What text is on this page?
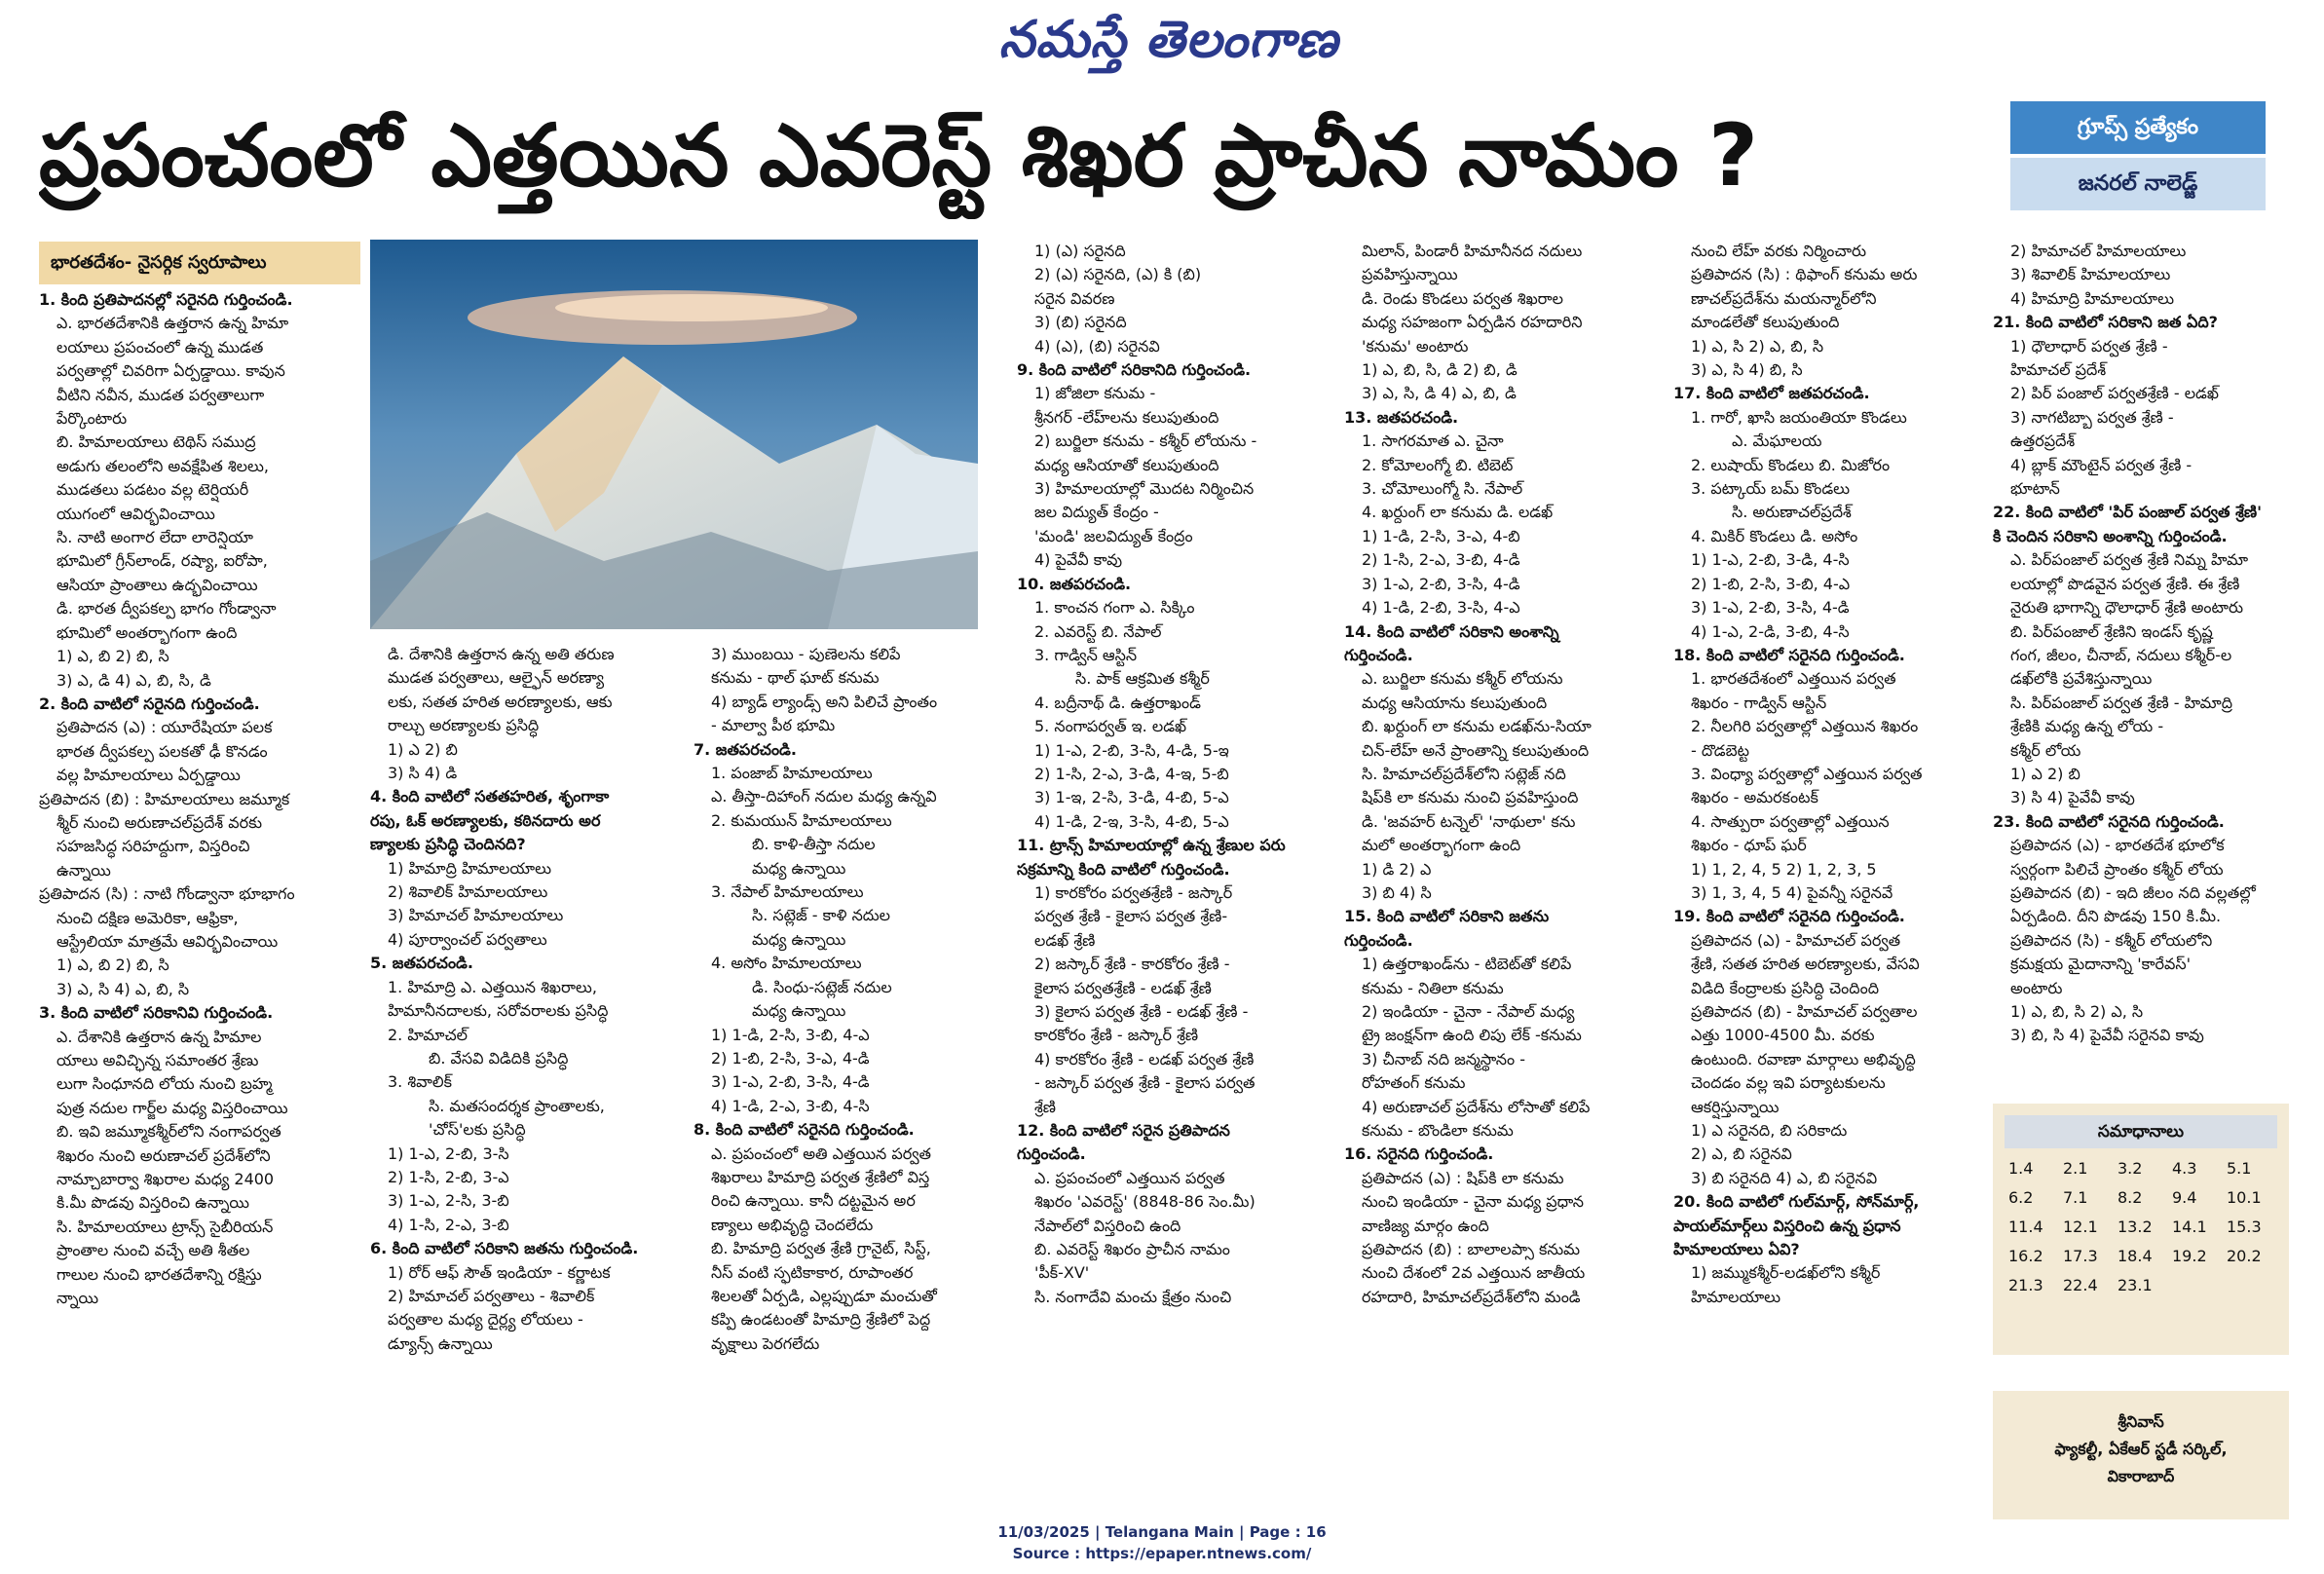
నమస్తే తెలంగాణ
ప్రపంచంలో ఎత్తయిన ఎవరెస్ట్ శిఖర ప్రాచీన నామం ?	గ్రూప్స్ ప్రత్యేకం
జనరల్ నాలెడ్జ్
భారతదేశం- నైసర్గిక స్వరూపాలు
1. కింది ప్రతిపాదనల్లో సరైనది గుర్తించండి.
ఎ. భారతదేశానికి ఉత్తరాన ఉన్న హిమా
లయాలు ప్రపంచంలో ఉన్న ముడత
పర్వతాల్లో చివరిగా ఏర్పడ్డాయి. కావున
వీటిని నవీన, ముడత పర్వతాలుగా
పేర్కొంటారు
బి. హిమాలయాలు టెథిస్ సముద్ర
అడుగు తలంలోని అవక్షేపిత శిలలు,
ముడతలు పడటం వల్ల టెర్షియరీ
యుగంలో ఆవిర్భవించాయి
సి. నాటి అంగార లేదా లారెన్షియా
భూమిలో గ్రీన్‌లాండ్, రష్యా, ఐరోపా,
ఆసియా ప్రాంతాలు ఉద్భవించాయి
డి. భారత ద్వీపకల్ప భాగం గోండ్వానా
భూమిలో అంతర్భాగంగా ఉంది
1) ఎ, బి 2) బి, సి
3) ఎ, డి 4) ఎ, బి, సి, డి
2. కింది వాటిలో సరైనది గుర్తించండి.
ప్రతిపాదన (ఎ) : యూరేషియా పలక
భారత ద్వీపకల్ప పలకతో ఢీ కొనడం
వల్ల హిమాలయాలు ఏర్పడ్డాయి
ప్రతిపాదన (బి) : హిమాలయాలు జమ్మూక
శ్మీర్ నుంచి అరుణాచల్‌ప్రదేశ్ వరకు
సహజసిద్ధ సరిహద్దుగా, విస్తరించి
ఉన్నాయి
ప్రతిపాదన (సి) : నాటి గోండ్వానా భూభాగం
నుంచి దక్షిణ అమెరికా, ఆఫ్రికా,
ఆస్ట్రేలియా మాత్రమే ఆవిర్భవించాయి
1) ఎ, బి 2) బి, సి
3) ఎ, సి 4) ఎ, బి, సి
3. కింది వాటిలో సరికానివి గుర్తించండి.
ఎ. దేశానికి ఉత్తరాన ఉన్న హిమాల
యాలు అవిచ్ఛిన్న సమాంతర శ్రేణు
లుగా సింధూనది లోయ నుంచి బ్రహ్మ
పుత్ర నదుల గార్జ్‌ల మధ్య విస్తరించాయి
బి. ఇవి జమ్మూకశ్మీర్‌లోని నంగాపర్వత
శిఖరం నుంచి అరుణాచల్ ప్రదేశ్‌లోని
నామ్చాబార్వా శిఖరాల మధ్య 2400
కి.మీ పొడవు విస్తరించి ఉన్నాయి
సి. హిమాలయాలు ట్రాన్స్ సైబీరియన్
ప్రాంతాల నుంచి వచ్చే అతి శీతల
గాలుల నుంచి భారతదేశాన్ని రక్షిస్తు
న్నాయి
డి. దేశానికి ఉత్తరాన ఉన్న అతి తరుణ
ముడత పర్వతాలు, ఆల్ఫైన్ అరణ్యా
లకు, సతత హరిత అరణ్యాలకు, ఆకు
రాల్చు అరణ్యాలకు ప్రసిద్ధి
1) ఎ 2) బి
3) సి 4) డి
4. కింది వాటిలో సతతహరిత, శృంగాకా
రపు, ఓక్ అరణ్యాలకు, కఠినదారు అర
ణ్యాలకు ప్రసిద్ధి చెందినది?
1) హిమాద్రి హిమాలయాలు
2) శివాలిక్ హిమాలయాలు
3) హిమాచల్ హిమాలయాలు
4) పూర్వాంచల్ పర్వతాలు
5. జతపరచండి.
1. హిమాద్రి ఎ. ఎత్తయిన శిఖరాలు,
హిమానీనదాలకు, సరోవరాలకు ప్రసిద్ధి
2. హిమాచల్
బి. వేసవి విడిదికి ప్రసిద్ధి
3. శివాలిక్
సి. మతసందర్శక ప్రాంతాలకు,
'చోస్'లకు ప్రసిద్ధి
1) 1-ఎ, 2-బి, 3-సి
2) 1-సి, 2-బి, 3-ఎ
3) 1-ఎ, 2-సి, 3-బి
4) 1-సి, 2-ఎ, 3-బి
6. కింది వాటిలో సరికాని జతను గుర్తించండి.
1) రోర్ ఆఫ్ సౌత్ ఇండియా - కర్ణాటక
2) హిమాచల్ పర్వతాలు - శివాలిక్
పర్వతాల మధ్య దైర్ల్య లోయలు -
డ్యూన్స్ ఉన్నాయి
3) ముంబయి - పుణెలను కలిపే
కనుమ - థాల్ ఘాట్ కనుమ
4) బ్యాడ్ ల్యాండ్స్ అని పిలిచే ప్రాంతం
- మాల్వా పీఠ భూమి
7. జతపరచండి.
1. పంజాబ్ హిమాలయాలు
ఎ. తీస్తా-దిహాంగ్ నదుల మధ్య ఉన్నవి
2. కుమయున్ హిమాలయాలు
బి. కాళి-తీస్తా నదుల
మధ్య ఉన్నాయి
3. నేపాల్ హిమాలయాలు
సి. సట్లెజ్ - కాళి నదుల
మధ్య ఉన్నాయి
4. అసోం హిమాలయాలు
డి. సింధు-సట్లెజ్ నదుల
మధ్య ఉన్నాయి
1) 1-డి, 2-సి, 3-బి, 4-ఎ
2) 1-బి, 2-సి, 3-ఎ, 4-డి
3) 1-ఎ, 2-బి, 3-సి, 4-డి
4) 1-డి, 2-ఎ, 3-బి, 4-సి
8. కింది వాటిలో సరైనది గుర్తించండి.
ఎ. ప్రపంచంలో అతి ఎత్తయిన పర్వత
శిఖరాలు హిమాద్రి పర్వత శ్రేణిలో విస్త
రించి ఉన్నాయి. కానీ దట్టమైన అర
ణ్యాలు అభివృద్ధి చెందలేదు
బి. హిమాద్రి పర్వత శ్రేణి గ్రానైట్, సిస్ట్,
నీస్ వంటి స్ఫటికాకార, రూపాంతర
శిలలతో ఏర్పడి, ఎల్లప్పుడూ మంచుతో
కప్పి ఉండటంతో హిమాద్రి శ్రేణిలో పెద్ద
వృక్షాలు పెరగలేదు
1) (ఎ) సరైనది
2) (ఎ) సరైనది, (ఎ) కి (బి)
సరైన వివరణ
3) (బి) సరైనది
4) (ఎ), (బి) సరైనవి
9. కింది వాటిలో సరికానిది గుర్తించండి.
1) జోజిలా కనుమ -
శ్రీనగర్ -లేహ్‌లను కలుపుతుంది
2) బుర్జిలా కనుమ - కశ్మీర్ లోయను -
మధ్య ఆసియాతో కలుపుతుంది
3) హిమాలయాల్లో మొదట నిర్మించిన
జల విద్యుత్ కేంద్రం -
'మండి' జలవిద్యుత్ కేంద్రం
4) పైవేవీ కావు
10. జతపరచండి.
1. కాంచన గంగా ఎ. సిక్కిం
2. ఎవరెస్ట్ బి. నేపాల్
3. గాడ్విన్ ఆస్టిన్
సి. పాక్ ఆక్రమిత కశ్మీర్
4. బద్రీనాథ్ డి. ఉత్తరాఖండ్
5. నంగాపర్వత్ ఇ. లడఖ్
1) 1-ఎ, 2-బి, 3-సి, 4-డి, 5-ఇ
2) 1-సి, 2-ఎ, 3-డి, 4-ఇ, 5-బి
3) 1-ఇ, 2-సి, 3-డి, 4-బి, 5-ఎ
4) 1-డి, 2-ఇ, 3-సి, 4-బి, 5-ఎ
11. ట్రాన్స్ హిమాలయాల్లో ఉన్న శ్రేణుల పరు
సక్రమాన్ని కింది వాటిలో గుర్తించండి.
1) కారకోరం పర్వతశ్రేణి - జస్కార్
పర్వత శ్రేణి - కైలాస పర్వత శ్రేణి-
లడఖ్ శ్రేణి
2) జస్కార్ శ్రేణి - కారకోరం శ్రేణి -
కైలాస పర్వతశ్రేణి - లడఖ్ శ్రేణి
3) కైలాస పర్వత శ్రేణి - లడఖ్ శ్రేణి -
కారకోరం శ్రేణి - జస్కార్ శ్రేణి
4) కారకోరం శ్రేణి - లడఖ్ పర్వత శ్రేణి
- జస్కార్ పర్వత శ్రేణి - కైలాస పర్వత
శ్రేణి
12. కింది వాటిలో సరైన ప్రతిపాదన
గుర్తించండి.
ఎ. ప్రపంచంలో ఎత్తయిన పర్వత
శిఖరం 'ఎవరెస్ట్' (8848-86 సెం.మీ)
నేపాల్‌లో విస్తరించి ఉంది
బి. ఎవరెస్ట్ శిఖరం ప్రాచీన నామం
'పీక్-XV'
సి. నంగాదేవి మంచు క్షేత్రం నుంచి
మిలాన్, పిండారీ హిమానీనద నదులు
ప్రవహిస్తున్నాయి
డి. రెండు కొండలు పర్వత శిఖరాల
మధ్య సహజంగా ఏర్పడిన రహదారిని
'కనుమ' అంటారు
1) ఎ, బి, సి, డి 2) బి, డి
3) ఎ, సి, డి 4) ఎ, బి, డి
13. జతపరచండి.
1. సాగరమాత ఎ. చైనా
2. కోమోలంగ్మో బి. టిబెట్
3. చోమోలుంగ్మో సి. నేపాల్
4. ఖర్దుంగ్ లా కనుమ డి. లడఖ్
1) 1-డి, 2-సి, 3-ఎ, 4-బి
2) 1-సి, 2-ఎ, 3-బి, 4-డి
3) 1-ఎ, 2-బి, 3-సి, 4-డి
4) 1-డి, 2-బి, 3-సి, 4-ఎ
14. కింది వాటిలో సరికాని అంశాన్ని
గుర్తించండి.
ఎ. బుర్జిలా కనుమ కశ్మీర్ లోయను
మధ్య ఆసియాను కలుపుతుంది
బి. ఖర్దుంగ్ లా కనుమ లడఖ్‌ను-సియా
చిన్-లేహ్ అనే ప్రాంతాన్ని కలుపుతుంది
సి. హిమాచల్‌ప్రదేశ్‌లోని సట్లెజ్ నది
షిప్‌కి లా కనుమ నుంచి ప్రవహిస్తుంది
డి. 'జవహర్ టన్నెల్' 'నాథులా' కను
మలో అంతర్భాగంగా ఉంది
1) డి 2) ఎ
3) బి 4) సి
15. కింది వాటిలో సరికాని జతను
గుర్తించండి.
1) ఉత్తరాఖండ్‌ను - టిబెట్‌తో కలిపే
కనుమ - నితిలా కనుమ
2) ఇండియా - చైనా - నేపాల్ మధ్య
ట్రై జంక్షన్‌గా ఉంది లిపు లేక్ -కనుమ
3) చీనాబ్ నది జన్మస్థానం -
రోహతంగ్ కనుమ
4) అరుణాచల్ ప్రదేశ్‌ను లోసాతో కలిపే
కనుమ - బొండిలా కనుమ
16. సరైనది గుర్తించండి.
ప్రతిపాదన (ఎ) : షిప్‌కి లా కనుమ
నుంచి ఇండియా - చైనా మధ్య ప్రధాన
వాణిజ్య మార్గం ఉంది
ప్రతిపాదన (బి) : బాలాలప్సా కనుమ
నుంచి దేశంలో 2వ ఎత్తయిన జాతీయ
రహదారి, హిమాచల్‌ప్రదేశ్‌లోని మండి
నుంచి లేహ్ వరకు నిర్మించారు
ప్రతిపాదన (సి) : థిఫాంగ్ కనుమ అరు
ణాచల్‌ప్రదేశ్‌ను మయన్మార్‌లోని
మాండలేతో కలుపుతుంది
1) ఎ, సి 2) ఎ, బి, సి
3) ఎ, సి 4) బి, సి
17. కింది వాటిలో జతపరచండి.
1. గారో, ఖాసి జయంతియా కొండలు
ఎ. మేఘాలయ
2. లుషాయ్ కొండలు బి. మిజోరం
3. పట్కాయ్ బమ్ కొండలు
సి. అరుణాచల్‌ప్రదేశ్
4. మికిర్ కొండలు డి. అసోం
1) 1-ఎ, 2-బి, 3-డి, 4-సి
2) 1-బి, 2-సి, 3-బి, 4-ఎ
3) 1-ఎ, 2-బి, 3-సి, 4-డి
4) 1-ఎ, 2-డి, 3-బి, 4-సి
18. కింది వాటిలో సరైనది గుర్తించండి.
1. భారతదేశంలో ఎత్తయిన పర్వత
శిఖరం - గాడ్విన్ ఆస్టిన్
2. నీలగిరి పర్వతాల్లో ఎత్తయిన శిఖరం
- దొడబెట్ట
3. వింధ్యా పర్వతాల్లో ఎత్తయిన పర్వత
శిఖరం - అమరకంటక్
4. సాత్పురా పర్వతాల్లో ఎత్తయిన
శిఖరం - ధూప్ ఘర్
1) 1, 2, 4, 5 2) 1, 2, 3, 5
3) 1, 3, 4, 5 4) పైవన్నీ సరైనవే
19. కింది వాటిలో సరైనది గుర్తించండి.
ప్రతిపాదన (ఎ) - హిమాచల్ పర్వత
శ్రేణి, సతత హరిత అరణ్యాలకు, వేసవి
విడిది కేంద్రాలకు ప్రసిద్ధి చెందింది
ప్రతిపాదన (బి) - హిమాచల్ పర్వతాల
ఎత్తు 1000-4500 మీ. వరకు
ఉంటుంది. రవాణా మార్గాలు అభివృద్ధి
చెందడం వల్ల ఇవి పర్యాటకులను
ఆకర్షిస్తున్నాయి
1) ఎ సరైనది, బి సరికాదు
2) ఎ, బి సరైనవి
3) బి సరైనది 4) ఎ, బి సరైనవి
20. కింది వాటిలో గుల్‌మార్గ్, సోన్‌మార్గ్,
పాయల్‌మార్గ్‌లు విస్తరించి ఉన్న ప్రధాన
హిమాలయాలు ఏవి?
1) జమ్ముకశ్మీర్-లడఖ్‌లోని కశ్మీర్
హిమాలయాలు
2) హిమాచల్ హిమాలయాలు
3) శివాలిక్ హిమాలయాలు
4) హిమాద్రి హిమాలయాలు
21. కింది వాటిలో సరికాని జత ఏది?
1) ధౌలాధార్ పర్వత శ్రేణి -
హిమాచల్ ప్రదేశ్
2) పిర్ పంజాల్ పర్వతశ్రేణి - లడఖ్
3) నాగటిబ్బా పర్వత శ్రేణి -
ఉత్తరప్రదేశ్
4) బ్లాక్ మౌంటైన్ పర్వత శ్రేణి -
భూటాన్
22. కింది వాటిలో 'పిర్ పంజాల్ పర్వత శ్రేణి'
కి చెందిన సరికాని అంశాన్ని గుర్తించండి.
ఎ. పిర్‌పంజాల్ పర్వత శ్రేణి నిమ్న హిమా
లయాల్లో పొడవైన పర్వత శ్రేణి. ఈ శ్రేణి
నైరుతి భాగాన్ని ధౌలాధార్ శ్రేణి అంటారు
బి. పిర్‌పంజాల్ శ్రేణిని ఇండస్ కృష్ణ
గంగ, జీలం, చీనాబ్, నదులు కశ్మీర్-ల
డఖ్‌లోకి ప్రవేశిస్తున్నాయి
సి. పిర్‌పంజాల్ పర్వత శ్రేణి - హిమాద్రి
శ్రేణికి మధ్య ఉన్న లోయ -
కశ్మీర్ లోయ
1) ఎ 2) బి
3) సి 4) పైవేవీ కావు
23. కింది వాటిలో సరైనది గుర్తించండి.
ప్రతిపాదన (ఎ) - భారతదేశ భూలోక
స్వర్గంగా పిలిచే ప్రాంతం కశ్మీర్ లోయ
ప్రతిపాదన (బి) - ఇది జీలం నది వల్లతల్లో
ఏర్పడింది. దీని పొడవు 150 కి.మీ.
ప్రతిపాదన (సి) - కశ్మీర్ లోయలోని
క్రమక్షయ మైదానాన్ని 'కారేవస్'
అంటారు
1) ఎ, బి, సి 2) ఎ, సి
3) బి, సి 4) పైవేవీ సరైనవి కావు
సమాధానాలు
1.4	2.1	3.2	4.3	5.1
6.2	7.1	8.2	9.4	10.1
11.4	12.1	13.2	14.1	15.3
16.2	17.3	18.4	19.2	20.2
21.3	22.4	23.1
శ్రీనివాస్
ఫ్యాకల్టీ, ఏకేఆర్ స్టడీ సర్కిల్,
వికారాబాద్
11/03/2025 | Telangana Main | Page : 16
Source : https://epaper.ntnews.com/
